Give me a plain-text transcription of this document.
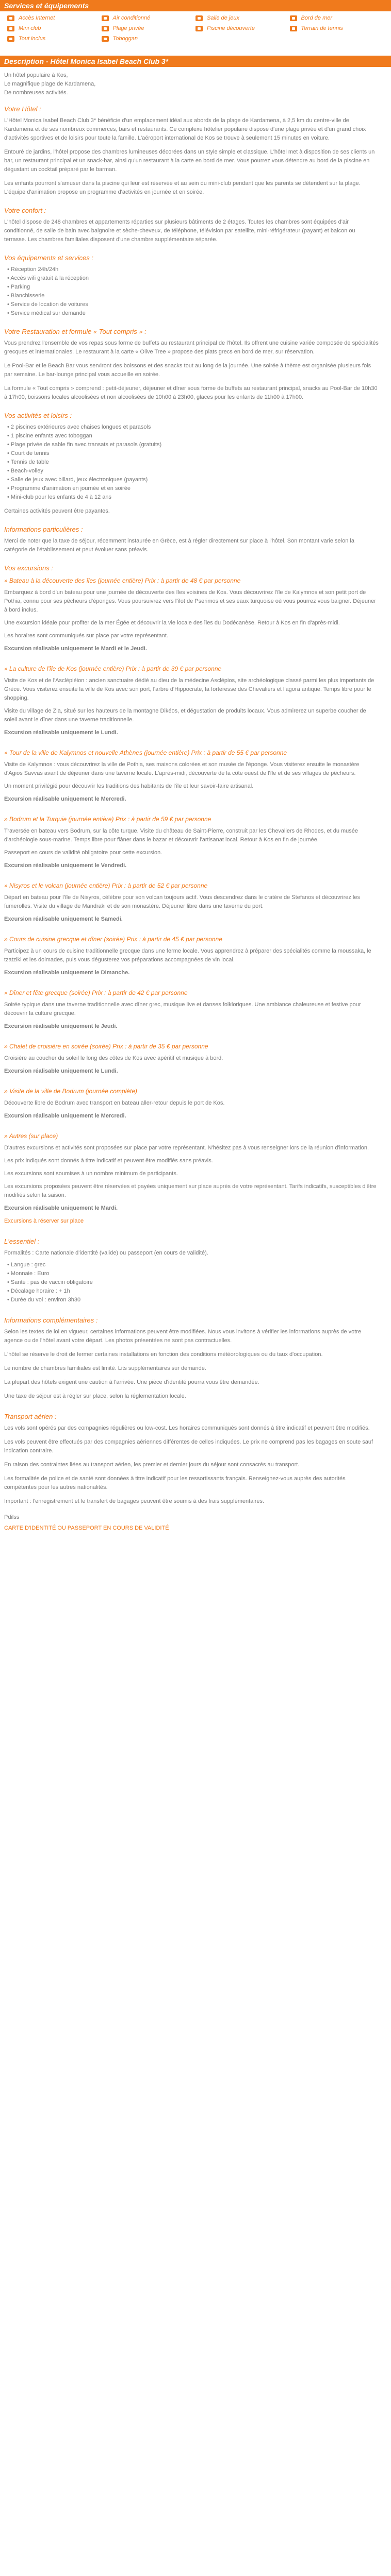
Services et équipements
Accès Internet	Air conditionné	Salle de jeux	Bord de mer
Mini club	Plage privée	Piscine découverte	Terrain de tennis
Tout inclus	Toboggan
Description - Hôtel Monica Isabel Beach Club 3*

Un hôtel populaire à Kos,

Le magnifique plage de Kardamena,

De nombreuses activités.

Votre Hôtel :

L'Hôtel Monica Isabel Beach Club 3* bénéficie d'un emplacement idéal aux abords de la plage de Kardamena, à 2,5 km du centre-ville de Kardamena et de ses nombreux commerces, bars et restaurants. Ce complexe hôtelier populaire dispose d'une plage privée et d'un grand choix d'activités sportives et de loisirs pour toute la famille. L'aéroport international de Kos se trouve à seulement 15 minutes en voiture.

Entouré de jardins, l'hôtel propose des chambres lumineuses décorées dans un style simple et classique. L'hôtel met à disposition de ses clients un bar, un restaurant principal et un snack-bar, ainsi qu'un restaurant à la carte en bord de mer. Vous pourrez vous détendre au bord de la piscine en dégustant un cocktail préparé par le barman.

Les enfants pourront s'amuser dans la piscine qui leur est réservée et au sein du mini-club pendant que les parents se détendent sur la plage. L'équipe d'animation propose un programme d'activités en journée et en soirée.

Votre confort :

L'hôtel dispose de 248 chambres et appartements réparties sur plusieurs bâtiments de 2 étages. Toutes les chambres sont équipées d'air conditionné, de salle de bain avec baignoire et sèche-cheveux, de téléphone, télévision par satellite, mini-réfrigérateur (payant) et balcon ou terrasse. Les chambres familiales disposent d'une chambre supplémentaire séparée.

Vos équipements et services :

• Réception 24h/24h
• Accès wifi gratuit à la réception
• Parking
• Blanchisserie
• Service de location de voitures
• Service médical sur demande

Votre Restauration et formule « Tout compris » :

Vous prendrez l'ensemble de vos repas sous forme de buffets au restaurant principal de l'hôtel. Ils offrent une cuisine variée composée de spécialités grecques et internationales. Le restaurant à la carte « Olive Tree » propose des plats grecs en bord de mer, sur réservation.

Le Pool-Bar et le Beach Bar vous serviront des boissons et des snacks tout au long de la journée. Une soirée à thème est organisée plusieurs fois par semaine. Le bar-lounge principal vous accueille en soirée.

La formule « Tout compris » comprend : petit-déjeuner, déjeuner et dîner sous forme de buffets au restaurant principal, snacks au Pool-Bar de 10h30 à 17h00, boissons locales alcoolisées et non alcoolisées de 10h00 à 23h00, glaces pour les enfants de 11h00 à 17h00.

Vos activités et loisirs :

• 2 piscines extérieures avec chaises longues et parasols
• 1 piscine enfants avec toboggan
• Plage privée de sable fin avec transats et parasols (gratuits)
• Court de tennis
• Tennis de table
• Beach-volley
• Salle de jeux avec billard, jeux électroniques (payants)
• Programme d'animation en journée et en soirée
• Mini-club pour les enfants de 4 à 12 ans

Certaines activités peuvent être payantes.

Informations particulières :

Merci de noter que la taxe de séjour, récemment instaurée en Grèce, est à régler directement sur place à l'hôtel. Son montant varie selon la catégorie de l'établissement et peut évoluer sans préavis.

Vos excursions :

» Bateau à la découverte des îles (journée entière) Prix : à partir de 48 € par personne

Embarquez à bord d'un bateau pour une journée de découverte des îles voisines de Kos. Vous découvrirez l'île de Kalymnos et son petit port de Pothia, connu pour ses pêcheurs d'éponges. Vous poursuivrez vers l'îlot de Pserimos et ses eaux turquoise où vous pourrez vous baigner. Déjeuner à bord inclus.

Une excursion idéale pour profiter de la mer Égée et découvrir la vie locale des îles du Dodécanèse. Retour à Kos en fin d'après-midi.

Les horaires sont communiqués sur place par votre représentant.

Excursion réalisable uniquement le Mardi et le Jeudi.

» La culture de l'île de Kos (journée entière) Prix : à partir de 39 € par personne

Visite de Kos et de l'Asclépiéion : ancien sanctuaire dédié au dieu de la médecine Asclépios, site archéologique classé parmi les plus importants de Grèce. Vous visiterez ensuite la ville de Kos avec son port, l'arbre d'Hippocrate, la forteresse des Chevaliers et l'agora antique. Temps libre pour le shopping.

Visite du village de Zia, situé sur les hauteurs de la montagne Dikéos, et dégustation de produits locaux. Vous admirerez un superbe coucher de soleil avant le dîner dans une taverne traditionnelle.

Excursion réalisable uniquement le Lundi.

» Tour de la ville de Kalymnos et nouvelle Athènes (journée entière) Prix : à partir de 55 € par personne

Visite de Kalymnos : vous découvrirez la ville de Pothia, ses maisons colorées et son musée de l'éponge. Vous visiterez ensuite le monastère d'Agios Savvas avant de déjeuner dans une taverne locale. L'après-midi, découverte de la côte ouest de l'île et de ses villages de pêcheurs.

Un moment privilégié pour découvrir les traditions des habitants de l'île et leur savoir-faire artisanal.

Excursion réalisable uniquement le Mercredi.

» Bodrum et la Turquie (journée entière) Prix : à partir de 59 € par personne

Traversée en bateau vers Bodrum, sur la côte turque. Visite du château de Saint-Pierre, construit par les Chevaliers de Rhodes, et du musée d'archéologie sous-marine. Temps libre pour flâner dans le bazar et découvrir l'artisanat local. Retour à Kos en fin de journée.

Passeport en cours de validité obligatoire pour cette excursion.

Excursion réalisable uniquement le Vendredi.

» Nisyros et le volcan (journée entière) Prix : à partir de 52 € par personne

Départ en bateau pour l'île de Nisyros, célèbre pour son volcan toujours actif. Vous descendrez dans le cratère de Stefanos et découvrirez les fumerolles. Visite du village de Mandraki et de son monastère. Déjeuner libre dans une taverne du port.

Excursion réalisable uniquement le Samedi.

» Cours de cuisine grecque et dîner (soirée) Prix : à partir de 45 € par personne

Participez à un cours de cuisine traditionnelle grecque dans une ferme locale. Vous apprendrez à préparer des spécialités comme la moussaka, le tzatziki et les dolmades, puis vous dégusterez vos préparations accompagnées de vin local.

Excursion réalisable uniquement le Dimanche.

» Dîner et fête grecque (soirée) Prix : à partir de 42 € par personne

Soirée typique dans une taverne traditionnelle avec dîner grec, musique live et danses folkloriques. Une ambiance chaleureuse et festive pour découvrir la culture grecque.

Excursion réalisable uniquement le Jeudi.

» Chalet de croisière en soirée (soirée) Prix : à partir de 35 € par personne

Croisière au coucher du soleil le long des côtes de Kos avec apéritif et musique à bord.

Excursion réalisable uniquement le Lundi.

» Visite de la ville de Bodrum (journée complète)

Découverte libre de Bodrum avec transport en bateau aller-retour depuis le port de Kos.

Excursion réalisable uniquement le Mercredi.

» Autres (sur place)

D'autres excursions et activités sont proposées sur place par votre représentant. N'hésitez pas à vous renseigner lors de la réunion d'information.

Les prix indiqués sont donnés à titre indicatif et peuvent être modifiés sans préavis.

Les excursions sont soumises à un nombre minimum de participants.

Les excursions proposées peuvent être réservées et payées uniquement sur place auprès de votre représentant. Tarifs indicatifs, susceptibles d'être modifiés selon la saison.

Excursion réalisable uniquement le Mardi.

Excursions à réserver sur place

L'essentiel :

Formalités : Carte nationale d'identité (valide) ou passeport (en cours de validité).

• Langue : grec
• Monnaie : Euro
• Santé : pas de vaccin obligatoire
• Décalage horaire : + 1h
• Durée du vol : environ 3h30

Informations complémentaires :

Selon les textes de loi en vigueur, certaines informations peuvent être modifiées. Nous vous invitons à vérifier les informations auprès de votre agence ou de l'hôtel avant votre départ. Les photos présentées ne sont pas contractuelles.

L'hôtel se réserve le droit de fermer certaines installations en fonction des conditions météorologiques ou du taux d'occupation.

Le nombre de chambres familiales est limité. Lits supplémentaires sur demande.

La plupart des hôtels exigent une caution à l'arrivée. Une pièce d'identité pourra vous être demandée.

Une taxe de séjour est à régler sur place, selon la réglementation locale.

Transport aérien :

Les vols sont opérés par des compagnies régulières ou low-cost. Les horaires communiqués sont donnés à titre indicatif et peuvent être modifiés.

Les vols peuvent être effectués par des compagnies aériennes différentes de celles indiquées. Le prix ne comprend pas les bagages en soute sauf indication contraire.

En raison des contraintes liées au transport aérien, les premier et dernier jours du séjour sont consacrés au transport.

Les formalités de police et de santé sont données à titre indicatif pour les ressortissants français. Renseignez-vous auprès des autorités compétentes pour les autres nationalités.

Important : l'enregistrement et le transfert de bagages peuvent être soumis à des frais supplémentaires.

Pdilss

CARTE D'IDENTITÉ OU PASSEPORT EN COURS DE VALIDITÉ
